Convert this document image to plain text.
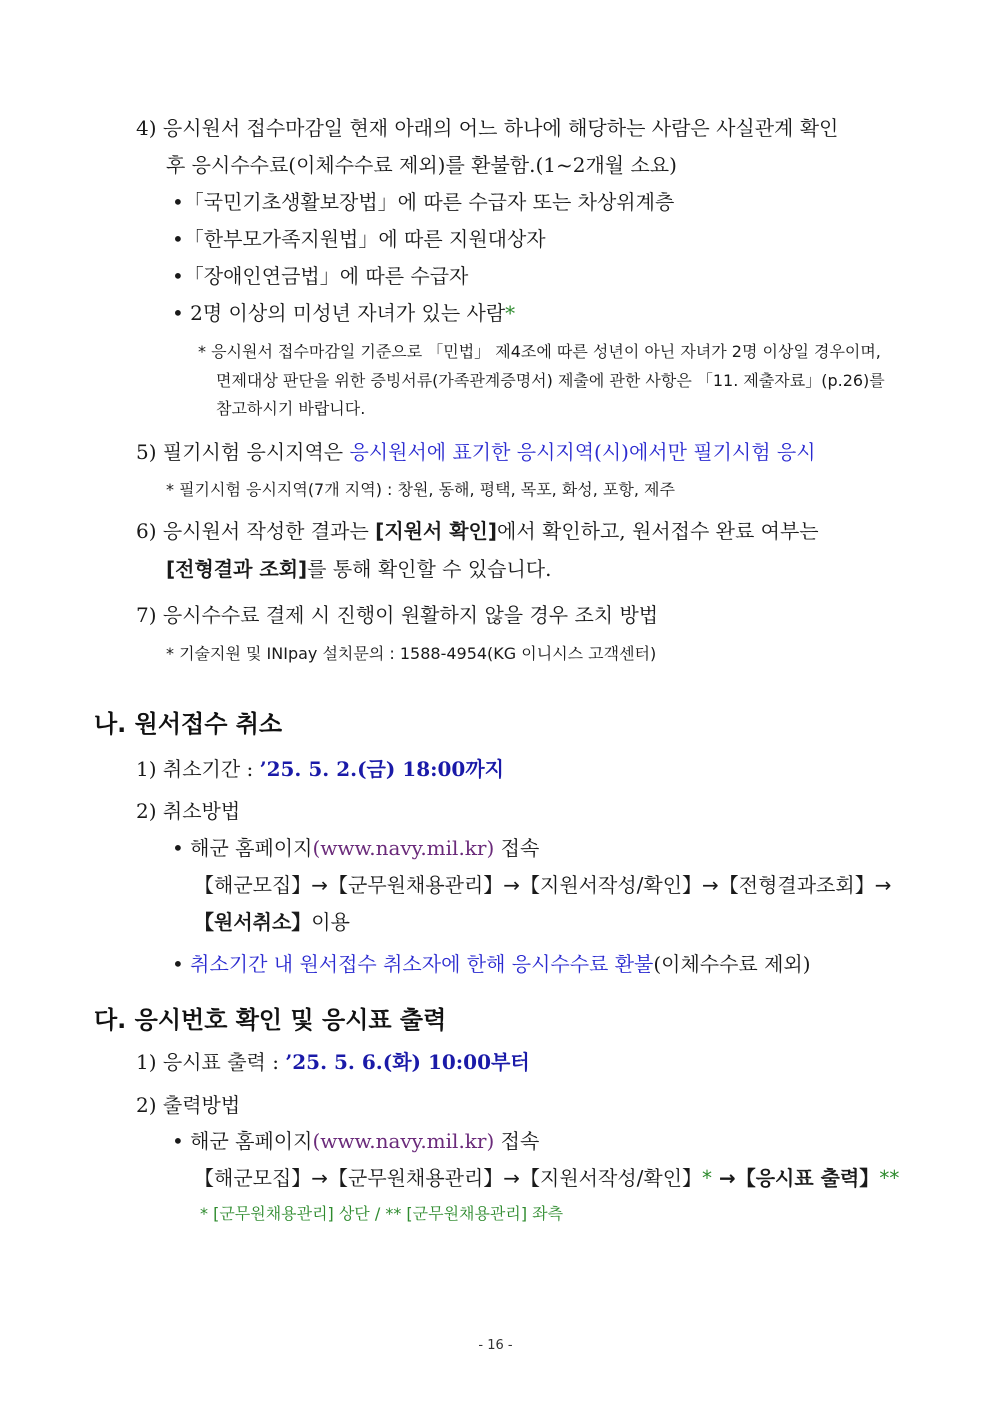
4) 응시원서 접수마감일 현재 아래의 어느 하나에 해당하는 사람은 사실관계 확인
후 응시수수료(이체수수료 제외)를 환불함.(1~2개월 소요)
•「국민기초생활보장법」에 따른 수급자 또는 차상위계층
•「한부모가족지원법」에 따른 지원대상자
•「장애인연금법」에 따른 수급자
• 2명 이상의 미성년 자녀가 있는 사람*
* 응시원서 접수마감일 기준으로 「민법」 제4조에 따른 성년이 아닌 자녀가 2명 이상일 경우이며,
면제대상 판단을 위한 증빙서류(가족관계증명서) 제출에 관한 사항은 「11. 제출자료」(p.26)를
참고하시기 바랍니다.
5) 필기시험 응시지역은 응시원서에 표기한 응시지역(시)에서만 필기시험 응시
* 필기시험 응시지역(7개 지역) : 창원, 동해, 평택, 목포, 화성, 포항, 제주
6) 응시원서 작성한 결과는 [지원서 확인]에서 확인하고, 원서접수 완료 여부는
[전형결과 조회]를 통해 확인할 수 있습니다.
7) 응시수수료 결제 시 진행이 원활하지 않을 경우 조치 방법
* 기술지원 및 INIpay 설치문의 : 1588-4954(KG 이니시스 고객센터)
나. 원서접수 취소
1) 취소기간 : ’25. 5. 2.(금) 18:00까지
2) 취소방법
• 해군 홈페이지(www.navy.mil.kr) 접속
【해군모집】→【군무원채용관리】→【지원서작성/확인】→【전형결과조회】→
【원서취소】이용
• 취소기간 내 원서접수 취소자에 한해 응시수수료 환불(이체수수료 제외)
다. 응시번호 확인 및 응시표 출력
1) 응시표 출력 : ’25. 5. 6.(화) 10:00부터
2) 출력방법
• 해군 홈페이지(www.navy.mil.kr) 접속
【해군모집】→【군무원채용관리】→【지원서작성/확인】* →【응시표 출력】**
* [군무원채용관리] 상단 / ** [군무원채용관리] 좌측
- 16 -
